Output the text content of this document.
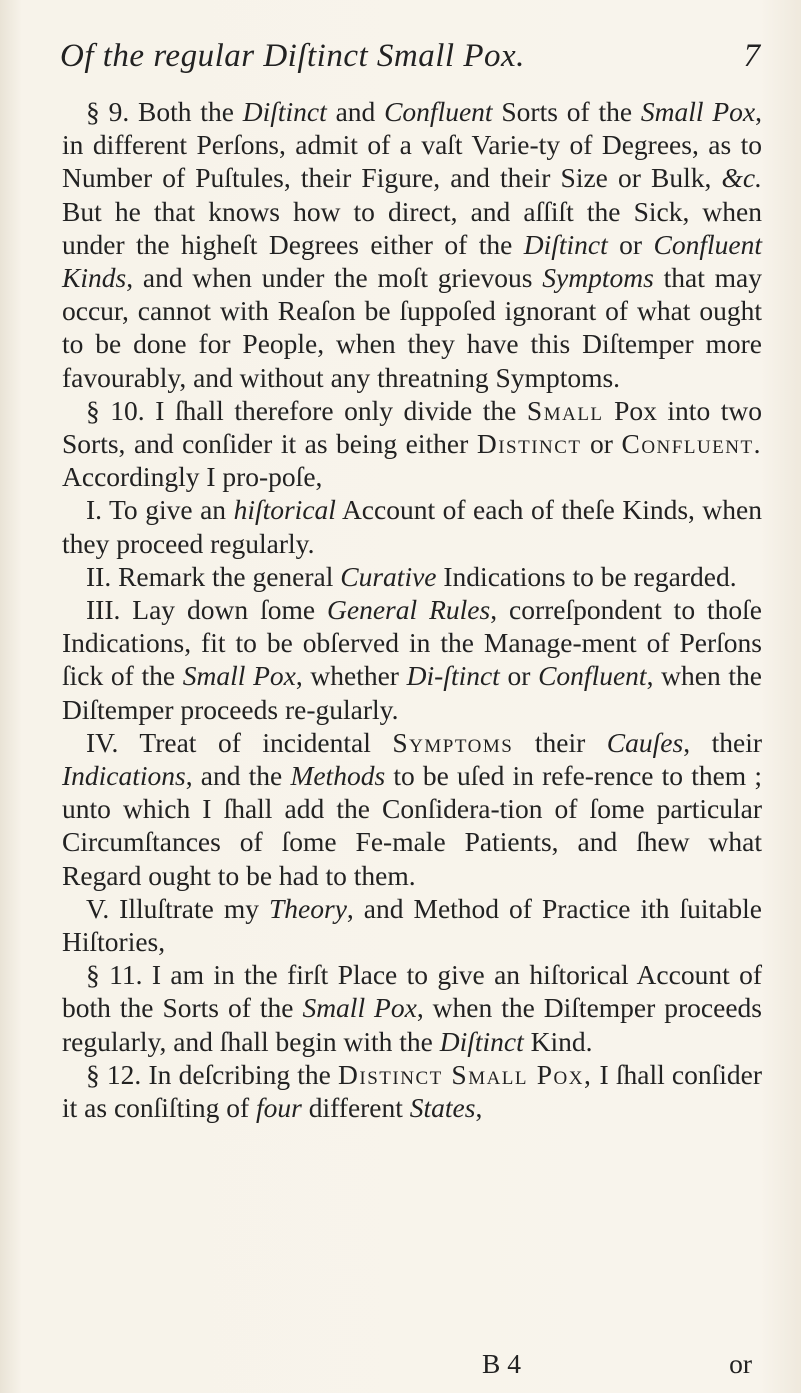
Of the regular Diſtinct Small Pox.	7

§ 9. Both the Diſtinct and Confluent Sorts of the Small Pox, in different Perſons, admit of a vaſt Varie-ty of Degrees, as to Number of Puſtules, their Figure, and their Size or Bulk, &c. But he that knows how to direct, and aſſiſt the Sick, when under the higheſt Degrees either of the Diſtinct or Confluent Kinds, and when under the moſt grievous Symptoms that may occur, cannot with Reaſon be ſuppoſed ignorant of what ought to be done for People, when they have this Diſtemper more favourably, and without any threatning Symptoms.

§ 10. I ſhall therefore only divide the Small Pox into two Sorts, and conſider it as being either Distinct or Confluent. Accordingly I pro-poſe,

I. To give an hiſtorical Account of each of theſe Kinds, when they proceed regularly.

II. Remark the general Curative Indications to be regarded.

III. Lay down ſome General Rules, correſpondent to thoſe Indications, fit to be obſerved in the Manage-ment of Perſons ſick of the Small Pox, whether Di-ſtinct or Confluent, when the Diſtemper proceeds re-gularly.

IV. Treat of incidental Symptoms their Cauſes, their Indications, and the Methods to be uſed in refe-rence to them ; unto which I ſhall add the Conſidera-tion of ſome particular Circumſtances of ſome Fe-male Patients, and ſhew what Regard ought to be had to them.

V. Illuſtrate my Theory, and Method of Practice ith ſuitable Hiſtories,

§ 11. I am in the firſt Place to give an hiſtorical Account of both the Sorts of the Small Pox, when the Diſtemper proceeds regularly, and ſhall begin with the Diſtinct Kind.

§ 12. In deſcribing the Distinct Small Pox, I ſhall conſider it as conſiſting of four different States,

B 4	or
